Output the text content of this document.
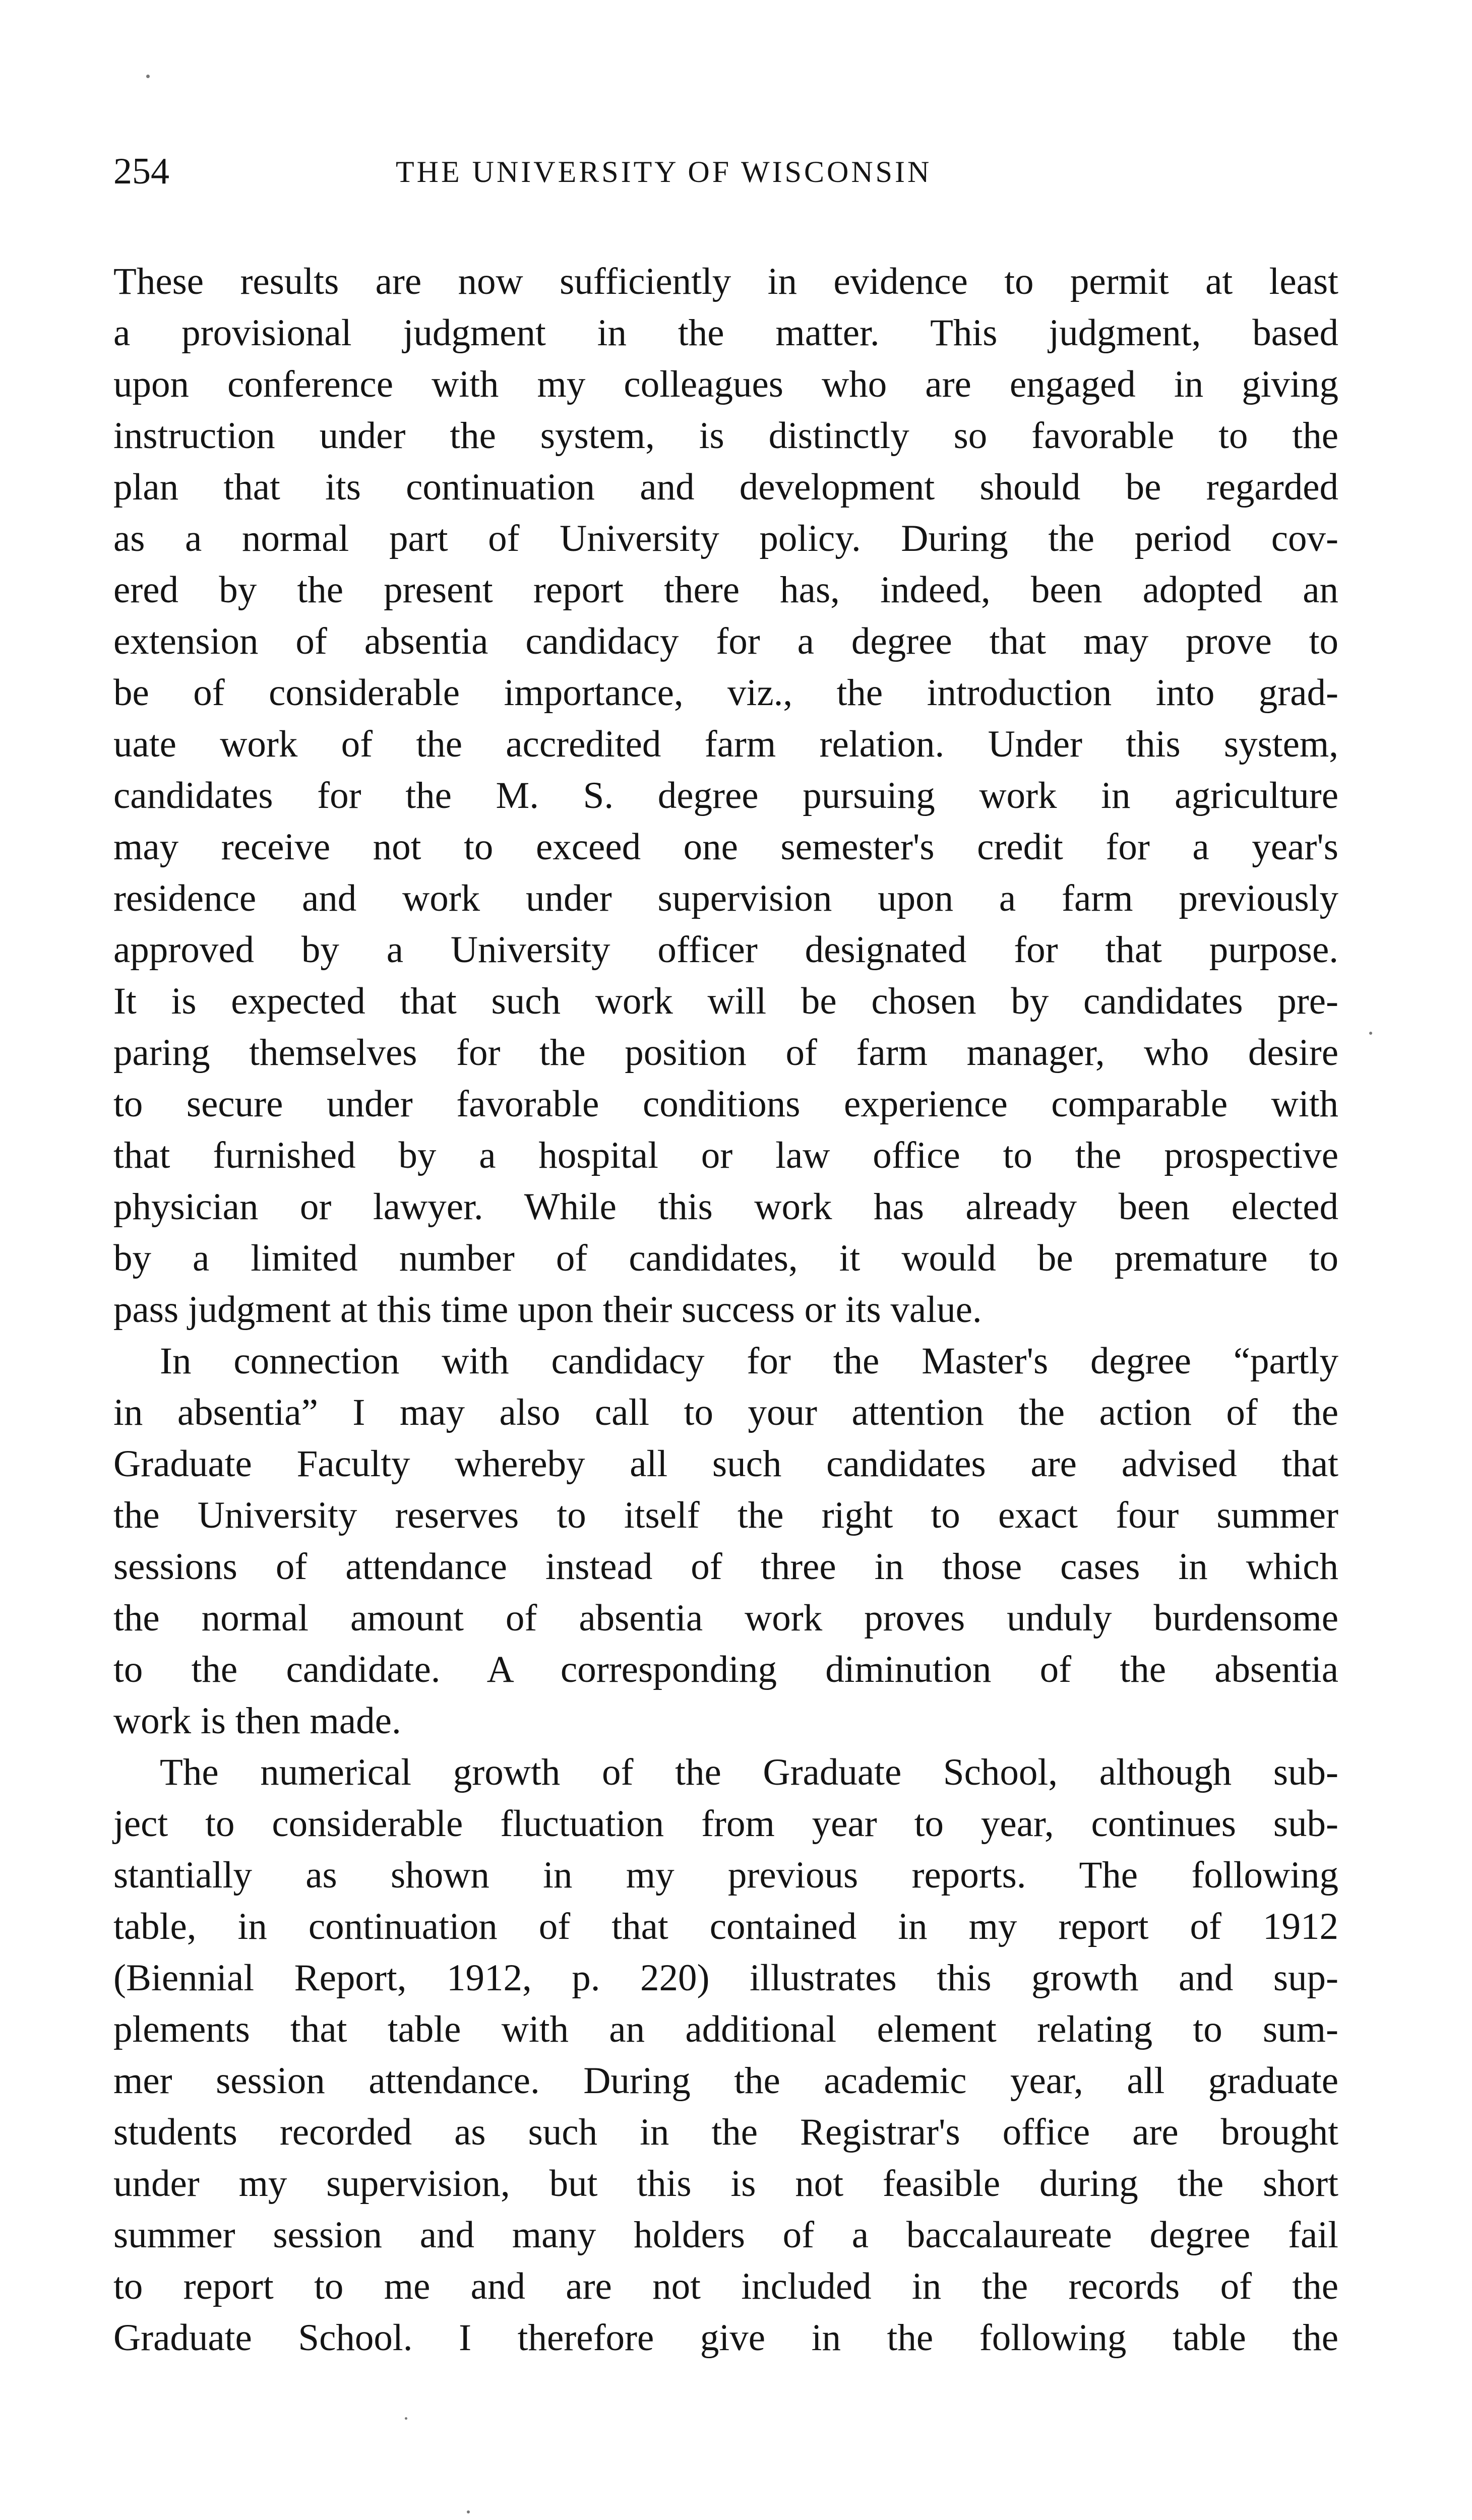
254	THE UNIVERSITY OF WISCONSIN
These results are now sufficiently in evidence to permit at least
a provisional judgment in the matter. This judgment, based
upon conference with my colleagues who are engaged in giving
instruction under the system, is distinctly so favorable to the
plan that its continuation and development should be regarded
as a normal part of University policy. During the period cov-
ered by the present report there has, indeed, been adopted an
extension of absentia candidacy for a degree that may prove to
be of considerable importance, viz., the introduction into grad-
uate work of the accredited farm relation. Under this system,
candidates for the M. S. degree pursuing work in agriculture
may receive not to exceed one semester's credit for a year's
residence and work under supervision upon a farm previously
approved by a University officer designated for that purpose.
It is expected that such work will be chosen by candidates pre-
paring themselves for the position of farm manager, who desire
to secure under favorable conditions experience comparable with
that furnished by a hospital or law office to the prospective
physician or lawyer. While this work has already been elected
by a limited number of candidates, it would be premature to
pass judgment at this time upon their success or its value.
In connection with candidacy for the Master's degree “partly
in absentia” I may also call to your attention the action of the
Graduate Faculty whereby all such candidates are advised that
the University reserves to itself the right to exact four summer
sessions of attendance instead of three in those cases in which
the normal amount of absentia work proves unduly burdensome
to the candidate. A corresponding diminution of the absentia
work is then made.
The numerical growth of the Graduate School, although sub-
ject to considerable fluctuation from year to year, continues sub-
stantially as shown in my previous reports. The following
table, in continuation of that contained in my report of 1912
(Biennial Report, 1912, p. 220) illustrates this growth and sup-
plements that table with an additional element relating to sum-
mer session attendance. During the academic year, all graduate
students recorded as such in the Registrar's office are brought
under my supervision, but this is not feasible during the short
summer session and many holders of a baccalaureate degree fail
to report to me and are not included in the records of the
Graduate School. I therefore give in the following table the
